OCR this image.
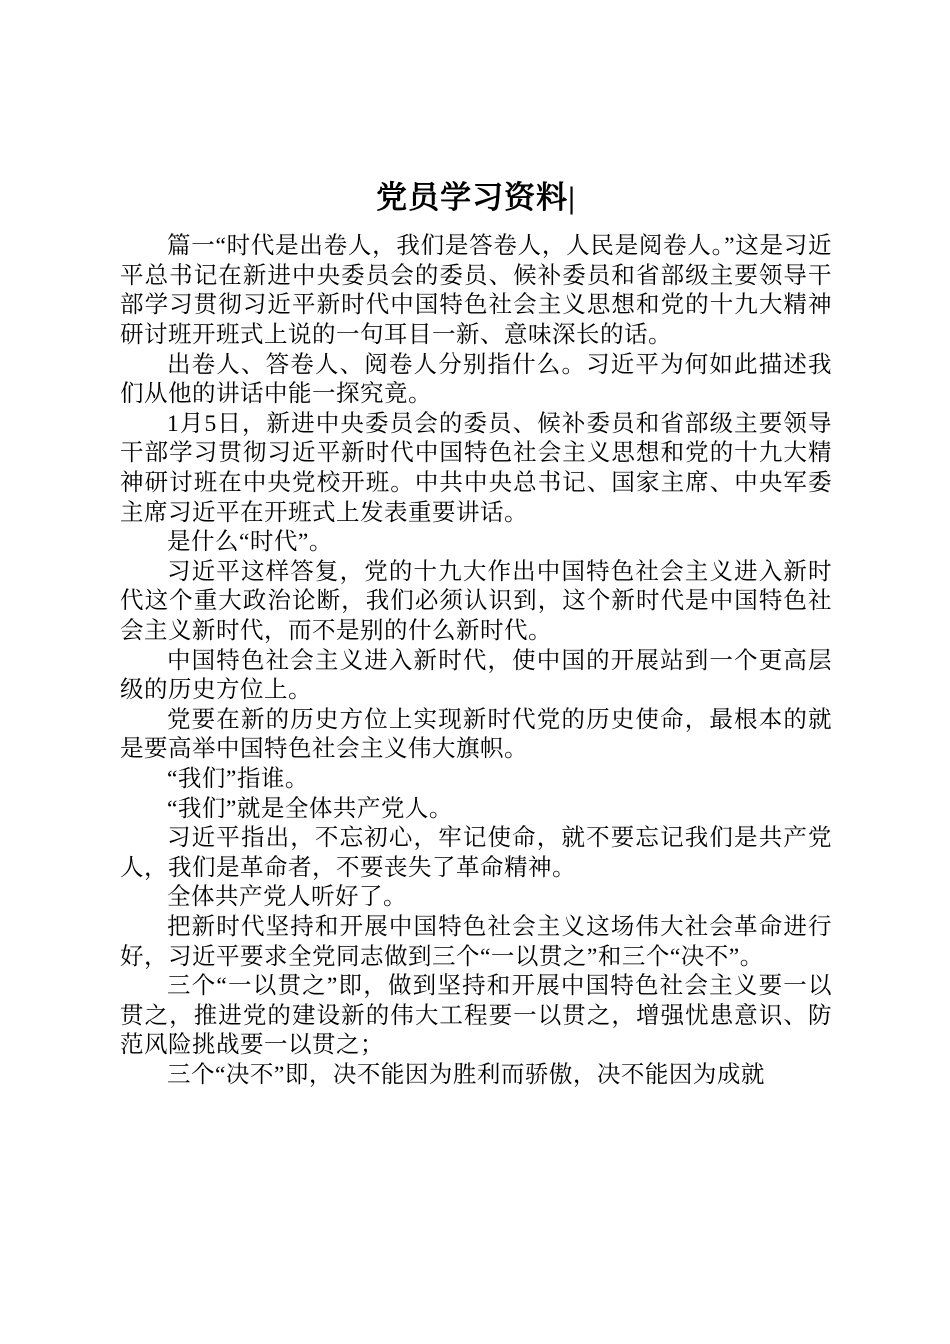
党员学习资料|

篇一“时代是出卷人，我们是答卷人，人民是阅卷人。”这是习近平总书记在新进中央委员会的委员、候补委员和省部级主要领导干部学习贯彻习近平新时代中国特色社会主义思想和党的十九大精神研讨班开班式上说的一句耳目一新、意味深长的话。

出卷人、答卷人、阅卷人分别指什么。习近平为何如此描述我们从他的讲话中能一探究竟。

1月5日，新进中央委员会的委员、候补委员和省部级主要领导干部学习贯彻习近平新时代中国特色社会主义思想和党的十九大精神研讨班在中央党校开班。中共中央总书记、国家主席、中央军委主席习近平在开班式上发表重要讲话。

是什么“时代”。

习近平这样答复，党的十九大作出中国特色社会主义进入新时代这个重大政治论断，我们必须认识到，这个新时代是中国特色社会主义新时代，而不是别的什么新时代。

中国特色社会主义进入新时代，使中国的开展站到一个更高层级的历史方位上。

党要在新的历史方位上实现新时代党的历史使命，最根本的就是要高举中国特色社会主义伟大旗帜。

“我们”指谁。

“我们”就是全体共产党人。

习近平指出，不忘初心，牢记使命，就不要忘记我们是共产党人，我们是革命者，不要丧失了革命精神。

全体共产党人听好了。

把新时代坚持和开展中国特色社会主义这场伟大社会革命进行好，习近平要求全党同志做到三个“一以贯之”和三个“决不”。

三个“一以贯之”即，做到坚持和开展中国特色社会主义要一以贯之，推进党的建设新的伟大工程要一以贯之，增强忧患意识、防范风险挑战要一以贯之；

三个“决不”即，决不能因为胜利而骄傲，决不能因为成就
